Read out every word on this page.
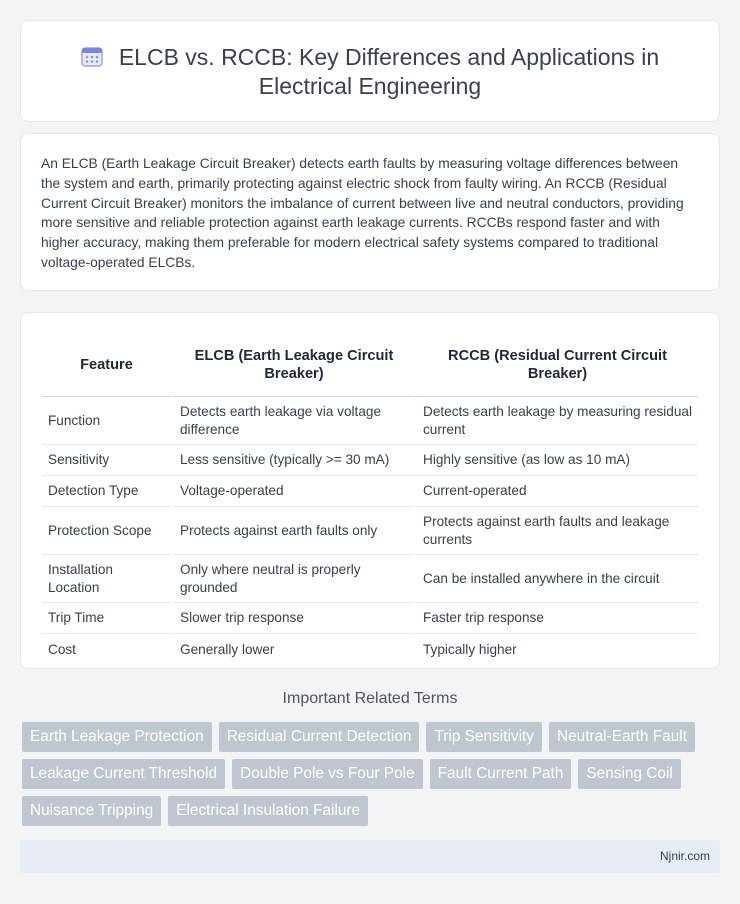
ELCB vs. RCCB: Key Differences and Applications in
Electrical Engineering

An ELCB (Earth Leakage Circuit Breaker) detects earth faults by measuring voltage differences between the system and earth, primarily protecting against electric shock from faulty wiring. An RCCB (Residual Current Circuit Breaker) monitors the imbalance of current between live and neutral conductors, providing more sensitive and reliable protection against earth leakage currents. RCCBs respond faster and with higher accuracy, making them preferable for modern electrical safety systems compared to traditional voltage-operated ELCBs.

Feature	ELCB (Earth Leakage Circuit Breaker)	RCCB (Residual Current Circuit Breaker)
Function	Detects earth leakage via voltage difference	Detects earth leakage by measuring residual current
Sensitivity	Less sensitive (typically >= 30 mA)	Highly sensitive (as low as 10 mA)
Detection Type	Voltage-operated	Current-operated
Protection Scope	Protects against earth faults only	Protects against earth faults and leakage currents
Installation Location	Only where neutral is properly grounded	Can be installed anywhere in the circuit
Trip Time	Slower trip response	Faster trip response
Cost	Generally lower	Typically higher
Important Related Terms
Earth Leakage Protection	Residual Current Detection	Trip Sensitivity	Neutral-Earth Fault
Leakage Current Threshold	Double Pole vs Four Pole	Fault Current Path	Sensing Coil
Nuisance Tripping	Electrical Insulation Failure
Njnir.com
